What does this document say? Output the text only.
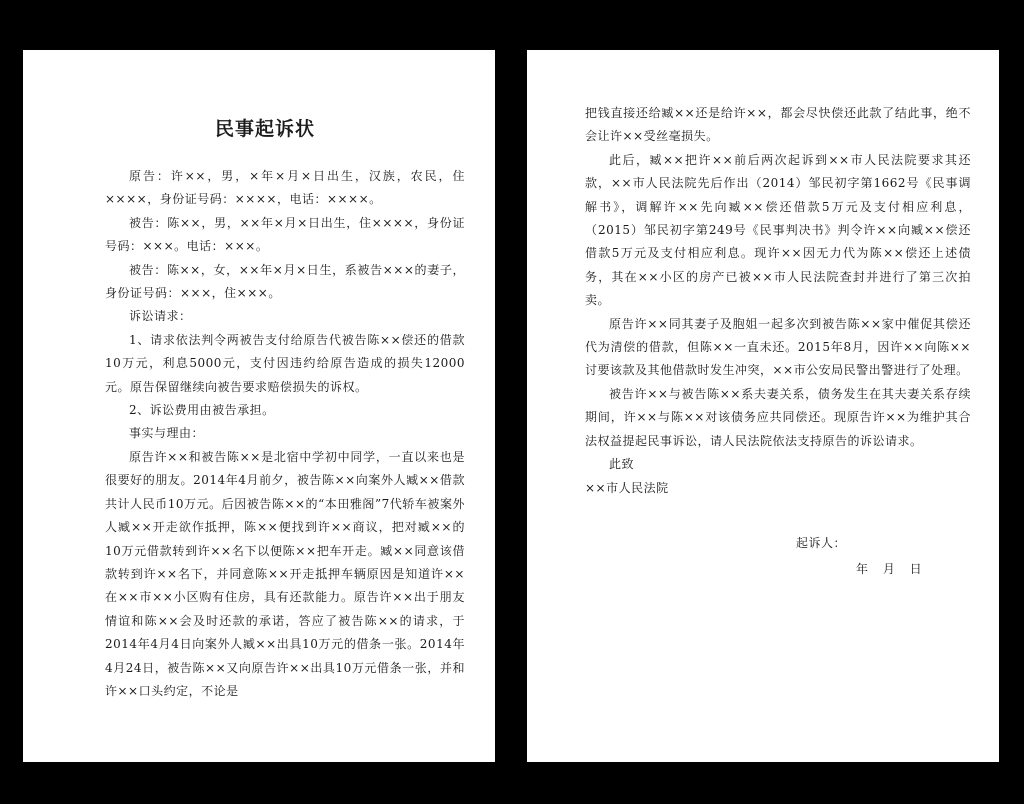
民事起诉状

原告：许××，男，×年×月×日出生，汉族，农民，住××××，身份证号码：××××，电话：××××。

被告：陈××，男，××年×月×日出生，住××××，身份证号码：×××。电话：×××。

被告：陈××，女，××年×月×日生，系被告×××的妻子，身份证号码：×××，住×××。

诉讼请求：

1、请求依法判令两被告支付给原告代被告陈××偿还的借款10万元，利息5000元，支付因违约给原告造成的损失12000元。原告保留继续向被告要求赔偿损失的诉权。

2、诉讼费用由被告承担。

事实与理由：

原告许××和被告陈××是北宿中学初中同学，一直以来也是很要好的朋友。2014年4月前夕，被告陈××向案外人臧××借款共计人民币10万元。后因被告陈××的“本田雅阁”7代轿车被案外人臧××开走欲作抵押，陈××便找到许××商议，把对臧××的10万元借款转到许××名下以便陈××把车开走。臧××同意该借款转到许××名下，并同意陈××开走抵押车辆原因是知道许××在××市××小区购有住房，具有还款能力。原告许××出于朋友情谊和陈××会及时还款的承诺，答应了被告陈××的请求，于2014年4月4日向案外人臧××出具10万元的借条一张。2014年4月24日，被告陈××又向原告许××出具10万元借条一张，并和许××口头约定，不论是

把钱直接还给臧××还是给许××，都会尽快偿还此款了结此事，绝不会让许××受丝毫损失。

此后，臧××把许××前后两次起诉到××市人民法院要求其还款，××市人民法院先后作出（2014）邹民初字第1662号《民事调解书》，调解许××先向臧××偿还借款5万元及支付相应利息，（2015）邹民初字第249号《民事判决书》判令许××向臧××偿还借款5万元及支付相应利息。现许××因无力代为陈××偿还上述债务，其在××小区的房产已被××市人民法院查封并进行了第三次拍卖。

原告许××同其妻子及胞姐一起多次到被告陈××家中催促其偿还代为清偿的借款，但陈××一直未还。2015年8月，因许××向陈××讨要该款及其他借款时发生冲突，××市公安局民警出警进行了处理。

被告许××与被告陈××系夫妻关系，债务发生在其夫妻关系存续期间，许××与陈××对该债务应共同偿还。现原告许××为维护其合法权益提起民事诉讼，请人民法院依法支持原告的诉讼请求。

此致

××市人民法院

起诉人：
年 月 日
